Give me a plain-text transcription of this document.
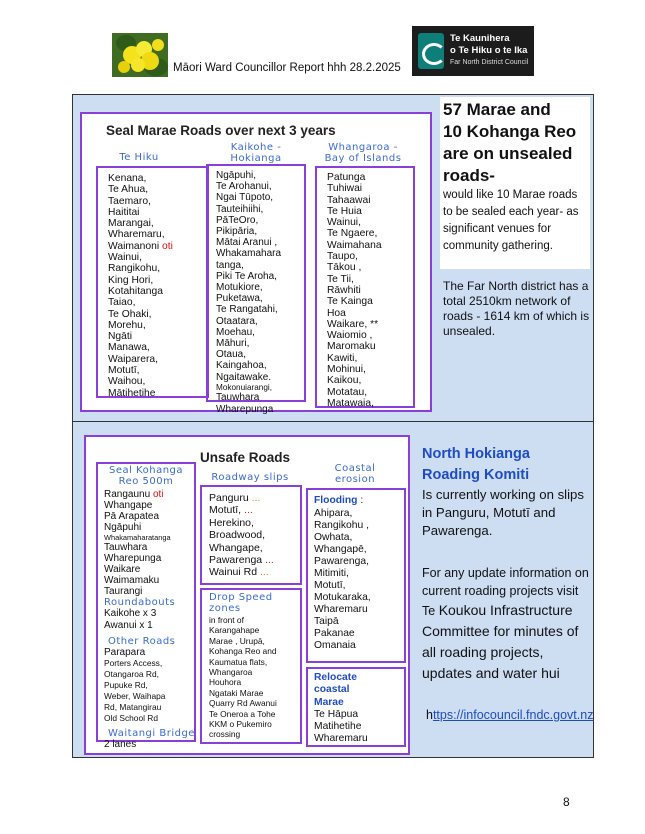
Māori Ward Councillor Report hhh 28.2.2025
Te Kaunihera
o Te Hiku o te Ika
Far North District Council
Seal Marae Roads over next 3 years
Te Hiku
Kaikohe -
Hokianga
Whangaroa -
Bay of Islands
Kenana,
Te Ahua,
Taemaro,
Haititai
Marangai,
Wharemaru,
Waimanoni oti
Wainui,
Rangikohu,
King Hori,
Kotahitanga
Taiao,
Te Ohaki,
Morehu,
Ngāti
Manawa,
Waiparera,
Motutī,
Waihou,
Mātihetihe
Ngāpuhi,
Te Arohanui,
Ngai Tūpoto,
Tauteihiihi,
PāTeOro,
Pikipāria,
Mātai Aranui ,
Whakamahara
tanga,
Piki Te Aroha,
Motukiore,
Puketawa,
Te Rangatahi,
Otaatara,
Moehau,
Māhuri,
Otaua,
Kaingahoa,
Ngaitawake.
Mokonuiarangi,
Tauwhara
Wharepunga
Patunga
Tuhiwai
Tahaawai
Te Huia
Wainui,
Te Ngaere,
Waimahana
Taupo,
Tākou ,
Te Tii,
Rāwhiti
Te Kainga
Hoa
Waikare, **
Waiomio ,
Maromaku
Kawiti,
Mohinui,
Kaikou,
Motatau,
Matawaia,
57 Marae and
10 Kohanga Reo
are on unsealed
roads-
would like 10 Marae roads to be sealed each year- as significant venues for community gathering.
The Far North district has a total 2510km network of roads - 1614 km of which is unsealed.
Unsafe Roads
Seal Kohanga
Reo 500m
Rangaunu oti
Whangape
Pā Arapatea
Ngāpuhi
Whakamaharatanga
Tauwhara
Wharepunga
Waikare
Waimamaku
Taurangi
Roundabouts
Kaikohe x 3
Awanui x 1
Other Roads
Parapara
Porters Access,
Otangaroa Rd,
Pupuke Rd,
Weber, Waihapa
Rd, Matangirau
Old School Rd
Waitangi Bridge
2 lanes
Roadway slips
Panguru ...
Motutī, ...
Herekino,
Broadwood,
Whangape,
Pawarenga ...
Wainui Rd ...
Drop Speed
zones
in front of
Karangahape
Marae , Urupā,
Kohanga Reo and
Kaumatua flats,
Whangaroa
Houhora
Ngataki Marae
Quarry Rd Awanui
Te Oneroa a Tohe
KKM o Pukemiro
crossing
Coastal
erosion
Flooding :
Ahipara,
Rangikohu ,
Owhata,
Whangapē,
Pawarenga,
Mitimiti,
Motutī,
Motukaraka,
Wharemaru
Taipā
Pakanae
Omanaia
Relocate
coastal
Marae
Te Hāpua
Matihetihe
Wharemaru
North Hokianga
Roading Komiti
Is currently working on slips in Panguru, Motutī and Pawarenga.
For any update information on current roading projects visit Te Koukou Infrastructure Committee for minutes of all roading projects, updates and water hui
https://infocouncil.fndc.govt.nz
8
